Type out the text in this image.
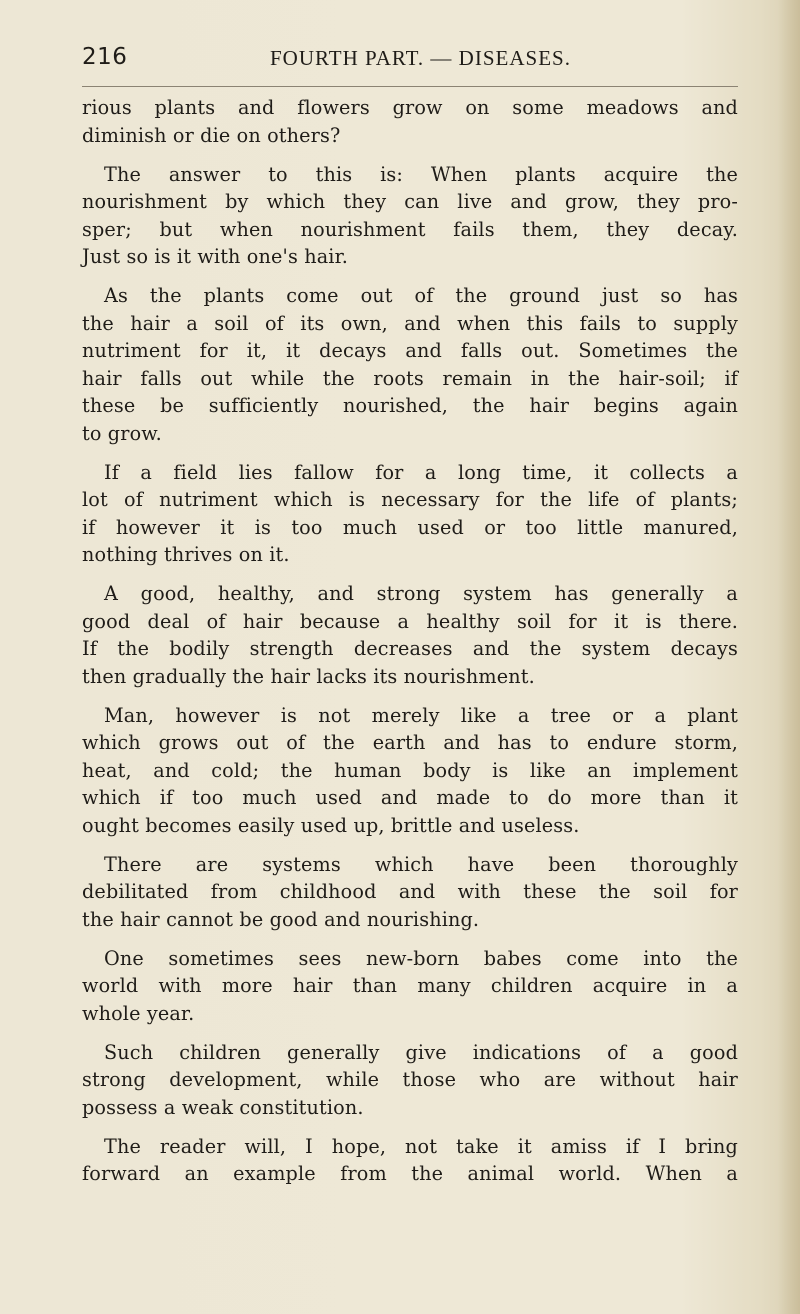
216	FOURTH PART. — DISEASES.
rious plants and flowers grow on some meadows and
diminish or die on others?
The answer to this is: When plants acquire the
nourishment by which they can live and grow, they pro-
sper; but when nourishment fails them, they decay.
Just so is it with one's hair.
As the plants come out of the ground just so has
the hair a soil of its own, and when this fails to supply
nutriment for it, it decays and falls out. Sometimes the
hair falls out while the roots remain in the hair-soil; if
these be sufficiently nourished, the hair begins again
to grow.
If a field lies fallow for a long time, it collects a
lot of nutriment which is necessary for the life of plants;
if however it is too much used or too little manured,
nothing thrives on it.
A good, healthy, and strong system has generally a
good deal of hair because a healthy soil for it is there.
If the bodily strength decreases and the system decays
then gradually the hair lacks its nourishment.
Man, however is not merely like a tree or a plant
which grows out of the earth and has to endure storm,
heat, and cold; the human body is like an implement
which if too much used and made to do more than it
ought becomes easily used up, brittle and useless.
There are systems which have been thoroughly
debilitated from childhood and with these the soil for
the hair cannot be good and nourishing.
One sometimes sees new-born babes come into the
world with more hair than many children acquire in a
whole year.
Such children generally give indications of a good
strong development, while those who are without hair
possess a weak constitution.
The reader will, I hope, not take it amiss if I bring
forward an example from the animal world. When a
